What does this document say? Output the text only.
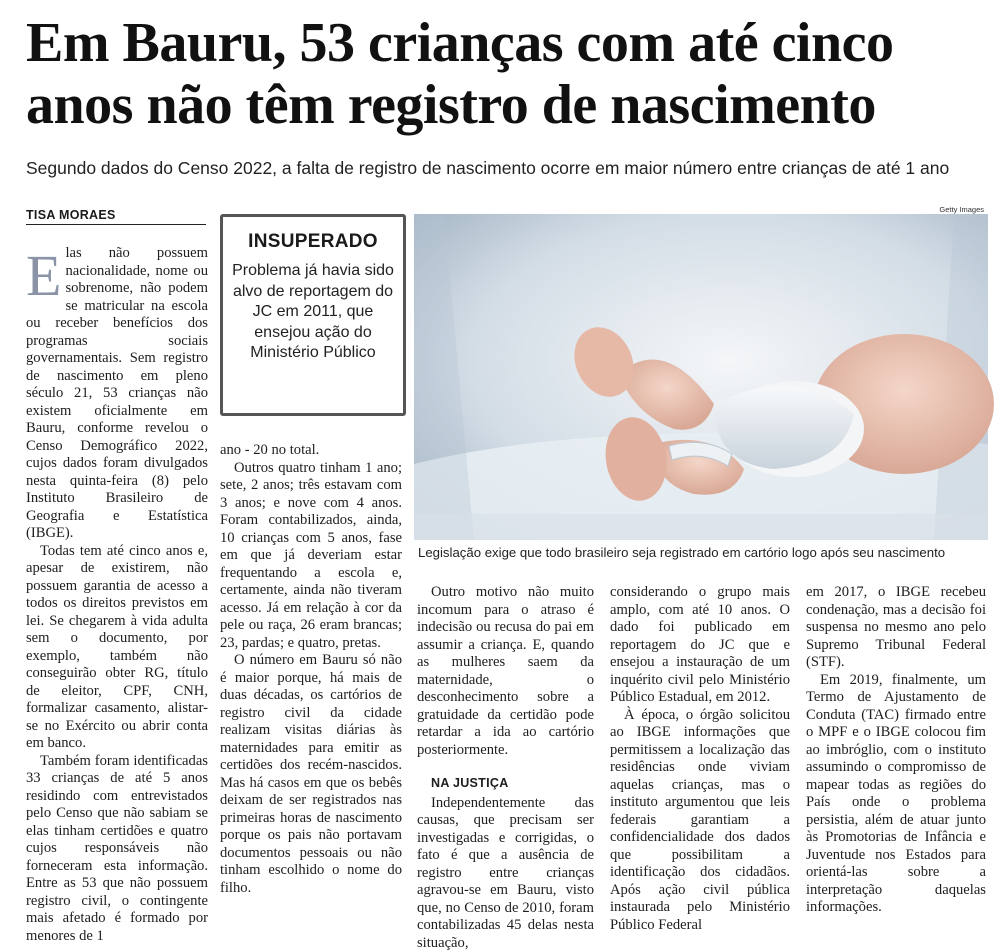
Em Bauru, 53 crianças com até cinco anos não têm registro de nascimento

Segundo dados do Censo 2022, a falta de registro de nascimento ocorre em maior número entre crianças de até 1 ano

TISA MORAES

Elas não possuem nacionalidade, nome ou sobrenome, não podem se matricular na escola ou receber benefícios dos programas sociais governamentais. Sem registro de nascimento em pleno século 21, 53 crianças não existem oficialmente em Bauru, conforme revelou o Censo Demográfico 2022, cujos dados foram divulgados nesta quinta-feira (8) pelo Instituto Brasileiro de Geografia e Estatística (IBGE).

Todas tem até cinco anos e, apesar de existirem, não possuem garantia de acesso a todos os direitos previstos em lei. Se chegarem à vida adulta sem o documento, por exemplo, também não conseguirão obter RG, título de eleitor, CPF, CNH, formalizar casamento, alistar-se no Exército ou abrir conta em banco.

Também foram identificadas 33 crianças de até 5 anos residindo com entrevistados pelo Censo que não sabiam se elas tinham certidões e quatro cujos responsáveis não forneceram esta informação. Entre as 53 que não possuem registro civil, o contingente mais afetado é formado por menores de 1

INSUPERADO
Problema já havia sido alvo de reportagem do JC em 2011, que ensejou ação do Ministério Público

ano - 20 no total.

Outros quatro tinham 1 ano; sete, 2 anos; três estavam com 3 anos; e nove com 4 anos. Foram contabilizados, ainda, 10 crianças com 5 anos, fase em que já deveriam estar frequentando a escola e, certamente, ainda não tiveram acesso. Já em relação à cor da pele ou raça, 26 eram brancas; 23, pardas; e quatro, pretas.

O número em Bauru só não é maior porque, há mais de duas décadas, os cartórios de registro civil da cidade realizam visitas diárias às maternidades para emitir as certidões dos recém-nascidos. Mas há casos em que os bebês deixam de ser registrados nas primeiras horas de nascimento porque os pais não portavam documentos pessoais ou não tinham escolhido o nome do filho.

Getty Images
Legislação exige que todo brasileiro seja registrado em cartório logo após seu nascimento

Outro motivo não muito incomum para o atraso é indecisão ou recusa do pai em assumir a criança. E, quando as mulheres saem da maternidade, o desconhecimento sobre a gratuidade da certidão pode retardar a ida ao cartório posteriormente.

NA JUSTIÇA

Independentemente das causas, que precisam ser investigadas e corrigidas, o fato é que a ausência de registro entre crianças agravou-se em Bauru, visto que, no Censo de 2010, foram contabilizadas 45 delas nesta situação,

considerando o grupo mais amplo, com até 10 anos. O dado foi publicado em reportagem do JC que e ensejou a instauração de um inquérito civil pelo Ministério Público Estadual, em 2012.

À época, o órgão solicitou ao IBGE informações que permitissem a localização das residências onde viviam aquelas crianças, mas o instituto argumentou que leis federais garantiam a confidencialidade dos dados que possibilitam a identificação dos cidadãos. Após ação civil pública instaurada pelo Ministério Público Federal

em 2017, o IBGE recebeu condenação, mas a decisão foi suspensa no mesmo ano pelo Supremo Tribunal Federal (STF).

Em 2019, finalmente, um Termo de Ajustamento de Conduta (TAC) firmado entre o MPF e o IBGE colocou fim ao imbróglio, com o instituto assumindo o compromisso de mapear todas as regiões do País onde o problema persistia, além de atuar junto às Promotorias de Infância e Juventude nos Estados para orientá-las sobre a interpretação daquelas informações.
